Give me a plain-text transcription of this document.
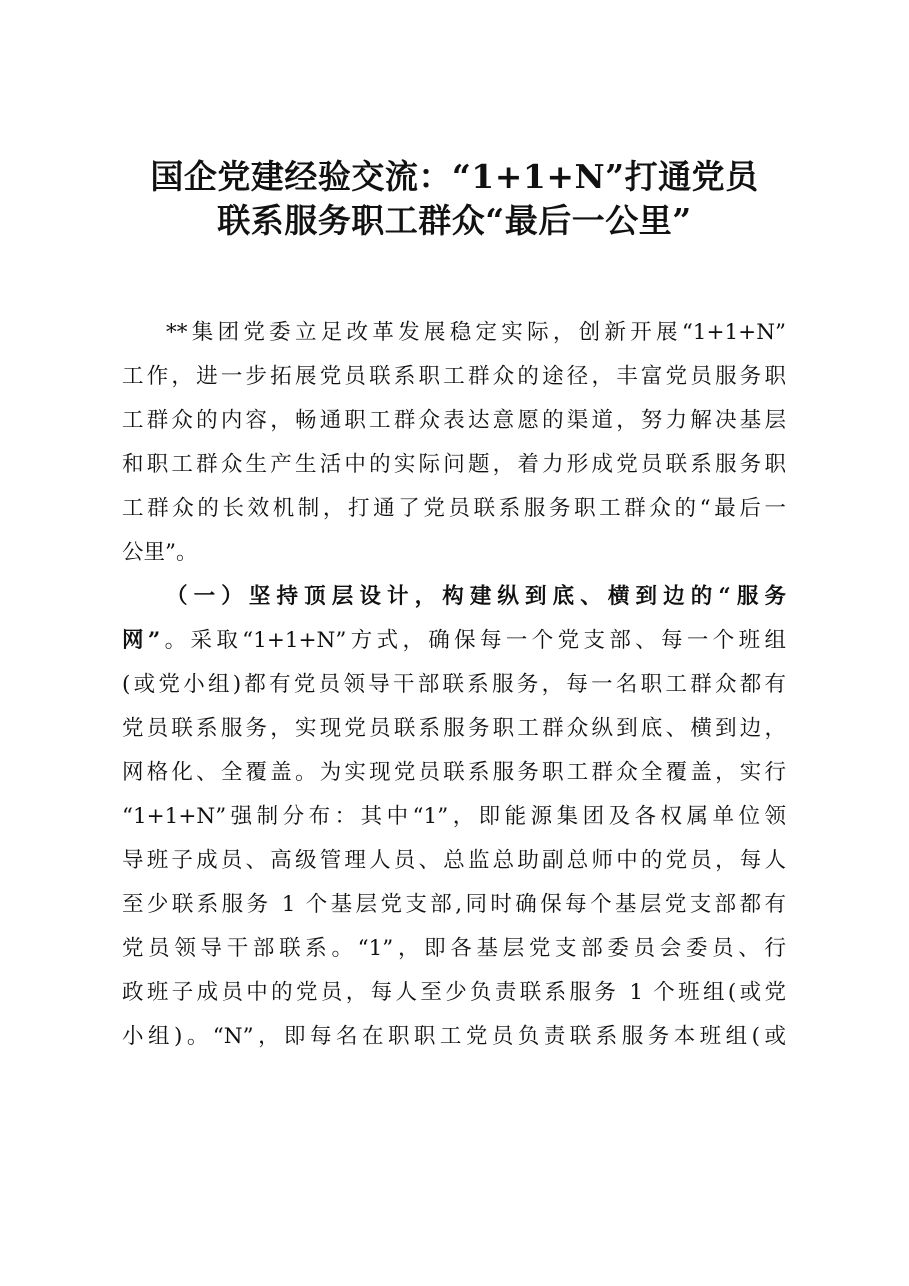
国企党建经验交流：“1+1+N”打通党员
联系服务职工群众“最后一公里”
**集团党委立足改革发展稳定实际，创新开展“1+1+N”
工作，进一步拓展党员联系职工群众的途径，丰富党员服务职
工群众的内容，畅通职工群众表达意愿的渠道，努力解决基层
和职工群众生产生活中的实际问题，着力形成党员联系服务职
工群众的长效机制，打通了党员联系服务职工群众的“最后一
公里”。
（一）坚持顶层设计，构建纵到底、横到边的“服务
网”。采取“1+1+N”方式，确保每一个党支部、每一个班组
(或党小组)都有党员领导干部联系服务，每一名职工群众都有
党员联系服务，实现党员联系服务职工群众纵到底、横到边，
网格化、全覆盖。为实现党员联系服务职工群众全覆盖，实行
“1+1+N”强制分布：其中“1”，即能源集团及各权属单位领
导班子成员、高级管理人员、总监总助副总师中的党员，每人
至少联系服务 1 个基层党支部,同时确保每个基层党支部都有
党员领导干部联系。“1”，即各基层党支部委员会委员、行
政班子成员中的党员，每人至少负责联系服务 1 个班组(或党
小组)。“N”，即每名在职职工党员负责联系服务本班组(或
